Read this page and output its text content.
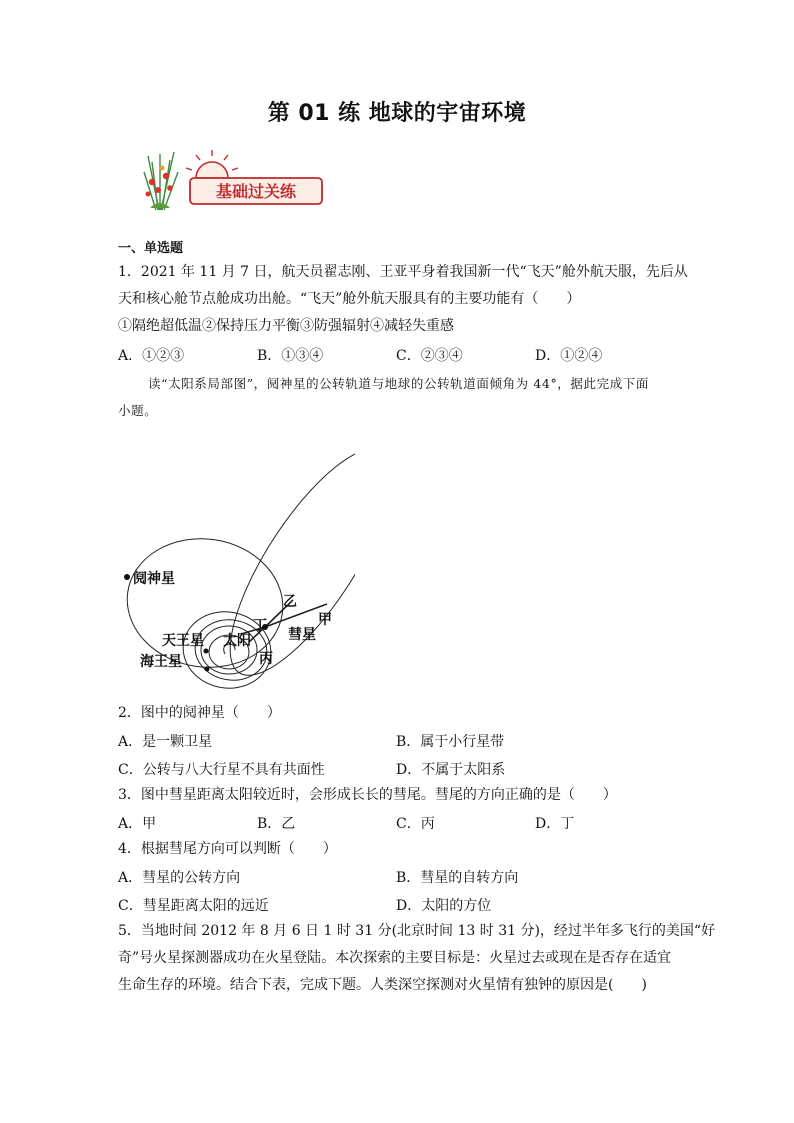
第 01 练 地球的宇宙环境
基础过关练
一、单选题
1．2021 年 11 月 7 日，航天员翟志刚、王亚平身着我国新一代“飞天”舱外航天服，先后从
天和核心舱节点舱成功出舱。“飞天”舱外航天服具有的主要功能有（　　）
①隔绝超低温②保持压力平衡③防强辐射④减轻失重感
A．①②③	B．①③④	C．②③④	D．①②④
读“太阳系局部图”，阋神星的公转轨道与地球的公转轨道面倾角为 44°，据此完成下面
小题。
阋神星
天王星 太阳
海王星
彗星
乙
甲
丁
丙
2．图中的阋神星（　　）
A．是一颗卫星	B．属于小行星带
C．公转与八大行星不具有共面性	D．不属于太阳系
3．图中彗星距离太阳较近时，会形成长长的彗尾。彗尾的方向正确的是（　　）
A．甲	B．乙	C．丙	D．丁
4．根据彗尾方向可以判断（　　）
A．彗星的公转方向	B．彗星的自转方向
C．彗星距离太阳的远近	D．太阳的方位
5．当地时间 2012 年 8 月 6 日 1 时 31 分(北京时间 13 时 31 分)，经过半年多飞行的美国“好
奇”号火星探测器成功在火星登陆。本次探索的主要目标是：火星过去或现在是否存在适宜
生命生存的环境。结合下表，完成下题。人类深空探测对火星情有独钟的原因是(　　)
